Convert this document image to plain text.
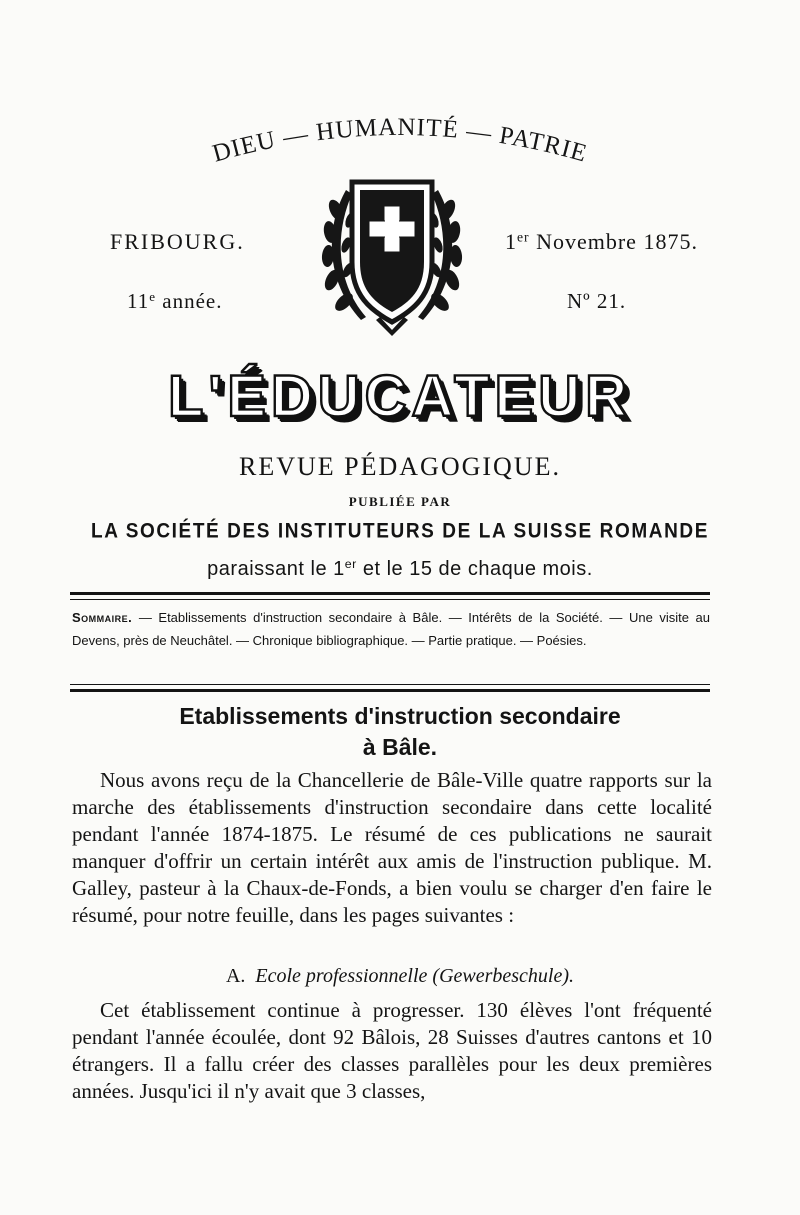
DIEU — HUMANITÉ — PATRIE
FRIBOURG.	1er Novembre 1875.
11e année.	Nº 21.
L'ÉDUCATEUR
REVUE PÉDAGOGIQUE.
PUBLIÉE PAR
LA SOCIÉTÉ DES INSTITUTEURS DE LA SUISSE ROMANDE
paraissant le 1er et le 15 de chaque mois.
Sommaire. — Etablissements d'instruction secondaire à Bâle. — Intérêts de la Société. — Une visite au Devens, près de Neuchâtel. — Chronique bibliographique. — Partie pratique. — Poésies.
Etablissements d'instruction secondaire
à Bâle.
Nous avons reçu de la Chancellerie de Bâle-Ville quatre rapports sur la marche des établissements d'instruction secondaire dans cette localité pendant l'année 1874-1875. Le résumé de ces publications ne saurait manquer d'offrir un certain intérêt aux amis de l'instruction publique. M. Galley, pasteur à la Chaux-de-Fonds, a bien voulu se charger d'en faire le résumé, pour notre feuille, dans les pages suivantes :
A. Ecole professionnelle (Gewerbeschule).
Cet établissement continue à progresser. 130 élèves l'ont fréquenté pendant l'année écoulée, dont 92 Bâlois, 28 Suisses d'autres cantons et 10 étrangers. Il a fallu créer des classes parallèles pour les deux premières années. Jusqu'ici il n'y avait que 3 classes,
